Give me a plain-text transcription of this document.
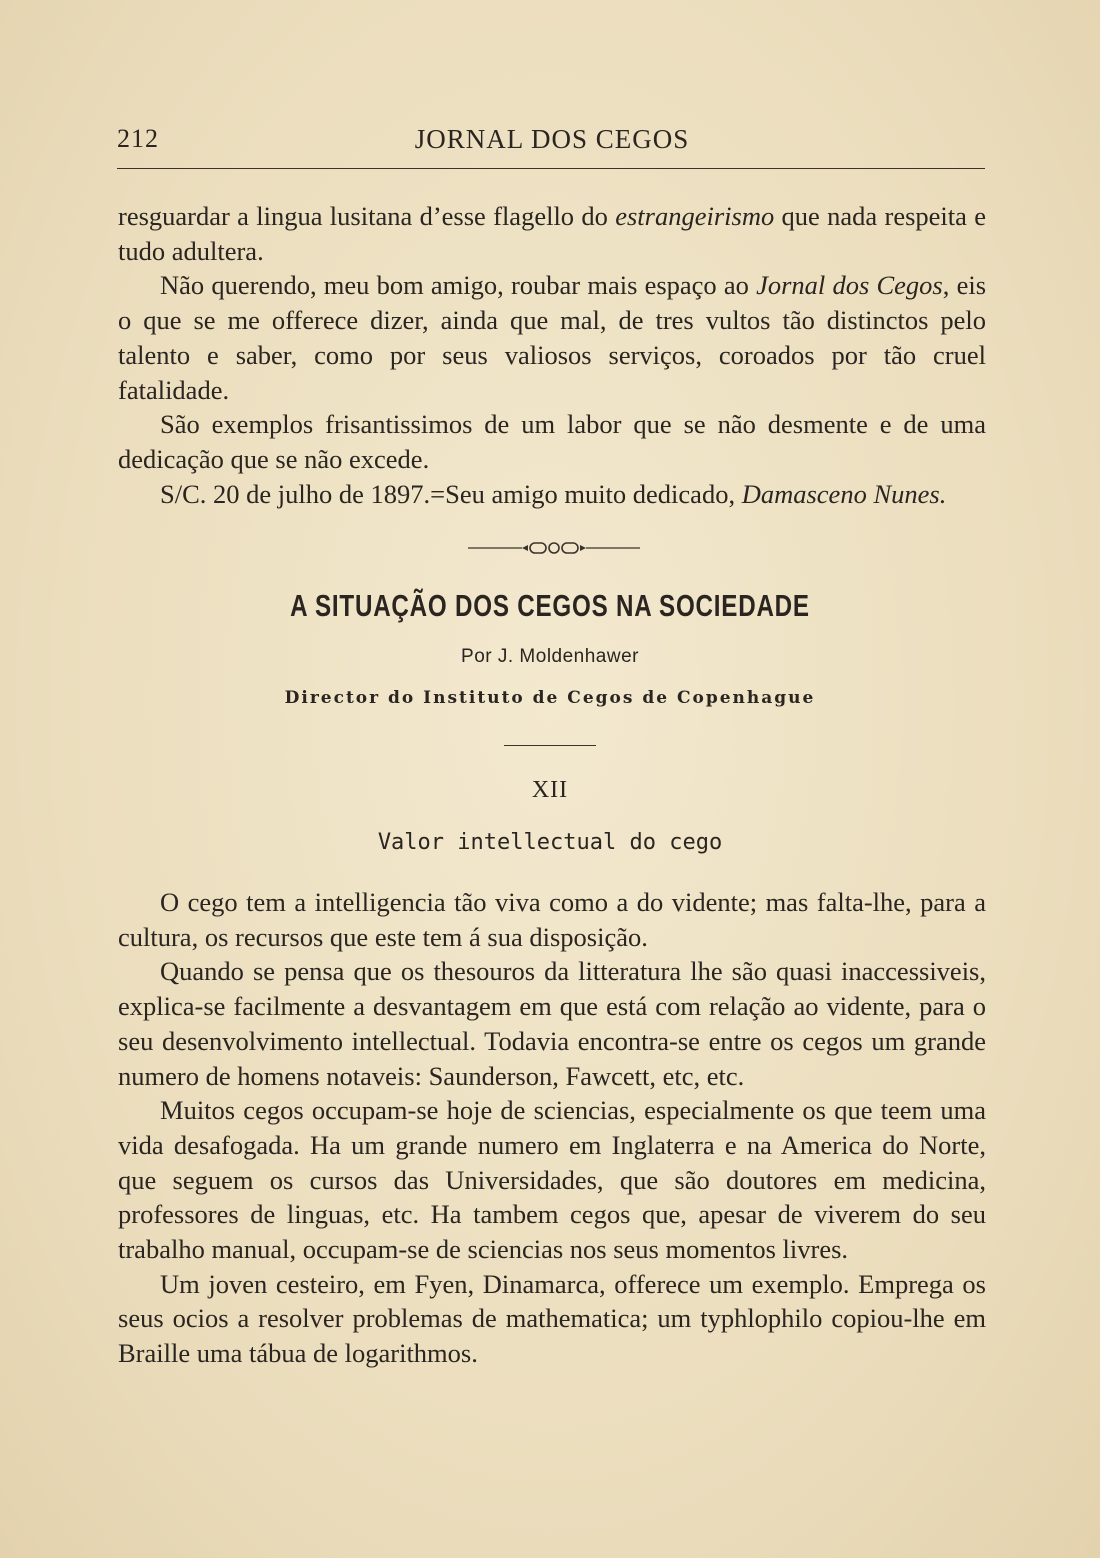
212	JORNAL DOS CEGOS

resguardar a lingua lusitana d’esse flagello do estrangeirismo que nada respeita e tudo adultera.

Não querendo, meu bom amigo, roubar mais espaço ao Jornal dos Cegos, eis o que se me offerece dizer, ainda que mal, de tres vultos tão distinctos pelo talento e saber, como por seus valiosos serviços, coroados por tão cruel fatalidade.

São exemplos frisantissimos de um labor que se não desmente e de uma dedicação que se não excede.

S/C. 20 de julho de 1897.=Seu amigo muito dedicado, Damasceno Nunes.

A SITUAÇÃO DOS CEGOS NA SOCIEDADE
Por J. Moldenhawer
Director do Instituto de Cegos de Copenhague
XII
Valor intellectual do cego

O cego tem a intelligencia tão viva como a do vidente; mas falta-lhe, para a cultura, os recursos que este tem á sua disposição.

Quando se pensa que os thesouros da litteratura lhe são quasi inaccessiveis, explica-se facilmente a desvantagem em que está com relação ao vidente, para o seu desenvolvimento intellectual. Todavia encontra-se entre os cegos um grande numero de homens notaveis: Saunderson, Fawcett, etc, etc.

Muitos cegos occupam-se hoje de sciencias, especialmente os que teem uma vida desafogada. Ha um grande numero em Inglaterra e na America do Norte, que seguem os cursos das Universidades, que são doutores em medicina, professores de linguas, etc. Ha tambem cegos que, apesar de viverem do seu trabalho manual, occupam-se de sciencias nos seus momentos livres.

Um joven cesteiro, em Fyen, Dinamarca, offerece um exemplo. Emprega os seus ocios a resolver problemas de mathematica; um typhlophilo copiou-lhe em Braille uma tábua de logarithmos.
